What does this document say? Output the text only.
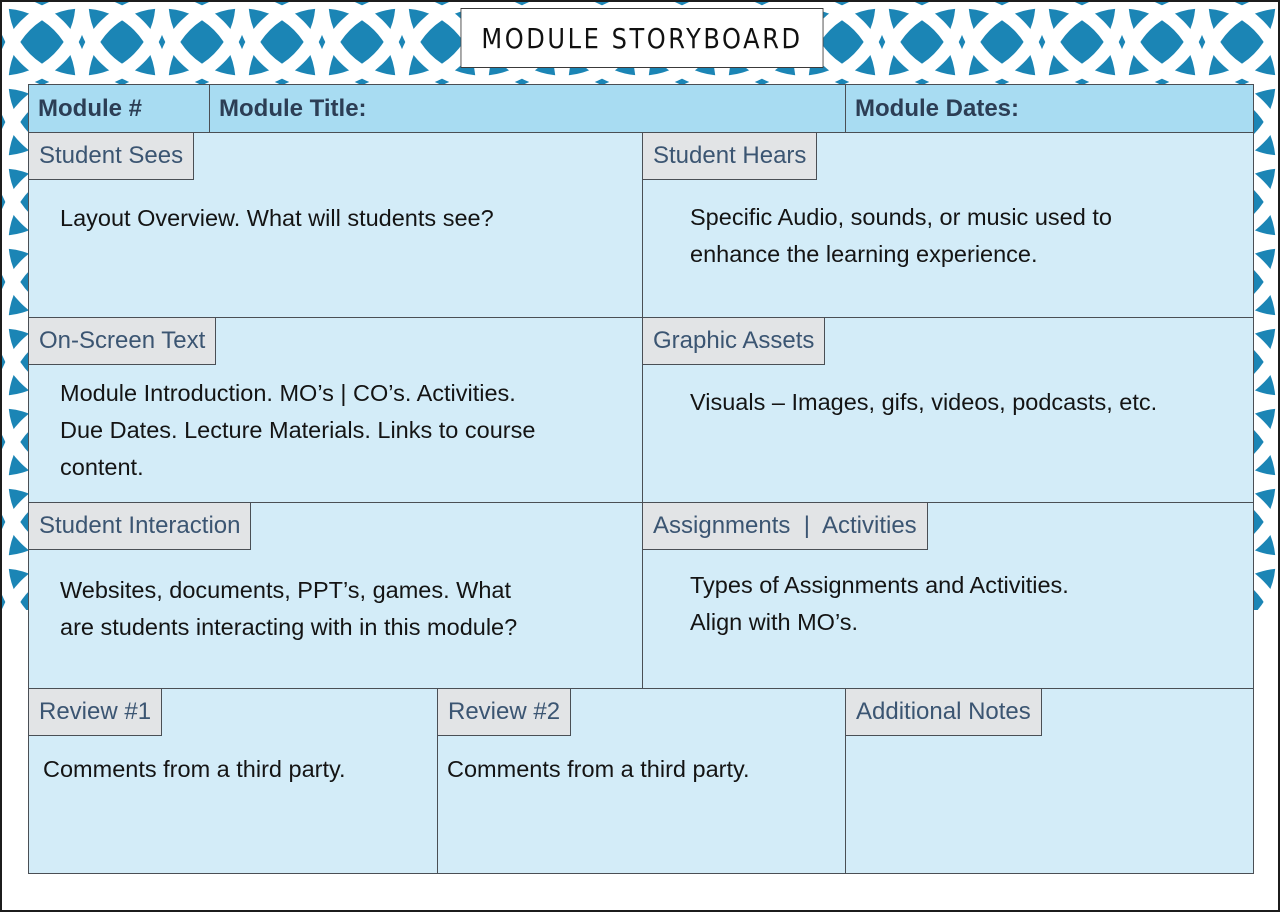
MODULE STORYBOARD
Module #	Module Title:	Module Dates:
Student Sees
Layout Overview. What will students see?
Student Hears
Specific Audio, sounds, or music used to
enhance the learning experience.
On-Screen Text
Module Introduction. MO’s | CO’s. Activities.
Due Dates. Lecture Materials. Links to course
content.
Graphic Assets
Visuals – Images, gifs, videos, podcasts, etc.
Student Interaction
Websites, documents, PPT’s, games. What
are students interacting with in this module?
Assignments  |  Activities
Types of Assignments and Activities.
Align with MO’s.
Review #1
Comments from a third party.
Review #2
Comments from a third party.
Additional Notes
